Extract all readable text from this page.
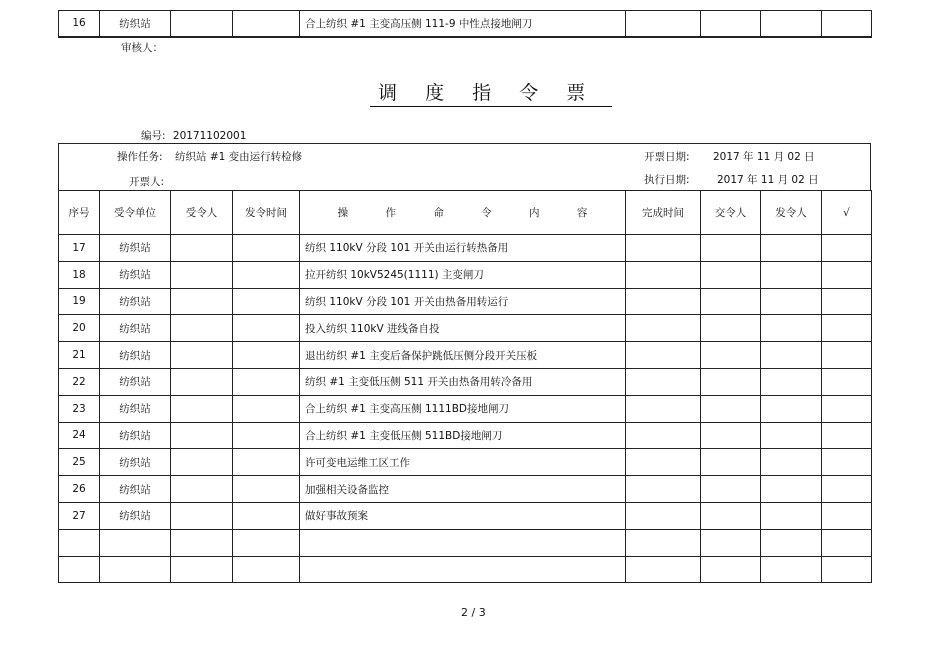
16	纺织站			合上纺织 #1 主变高压侧 111-9 中性点接地闸刀				
审核人：
调 度 指 令 票
编号: 20171102001
操作任务: 纺织站 #1 变由运行转检修
开票人:
开票日期: 2017 年 11 月 02 日
执行日期:	2017 年 11 月 02 日
序号	受令单位	受令人	发令时间	操 作 命 令 内 容	完成时间	交令人	发令人	√
17	纺织站			纺织 110kV 分段 101 开关由运行转热备用				
18	纺织站			拉开纺织 10kV5245(1111) 主变闸刀				
19	纺织站			纺织 110kV 分段 101 开关由热备用转运行				
20	纺织站			投入纺织 110kV 进线备自投				
21	纺织站			退出纺织 #1 主变后备保护跳低压侧分段开关压板				
22	纺织站			纺织 #1 主变低压侧 511 开关由热备用转冷备用				
23	纺织站			合上纺织 #1 主变高压侧 1111BD接地闸刀				
24	纺织站			合上纺织 #1 主变低压侧 511BD接地闸刀				
25	纺织站			许可变电运维工区工作				
26	纺织站			加强相关设备监控				
27	纺织站			做好事故预案				

2 / 3
